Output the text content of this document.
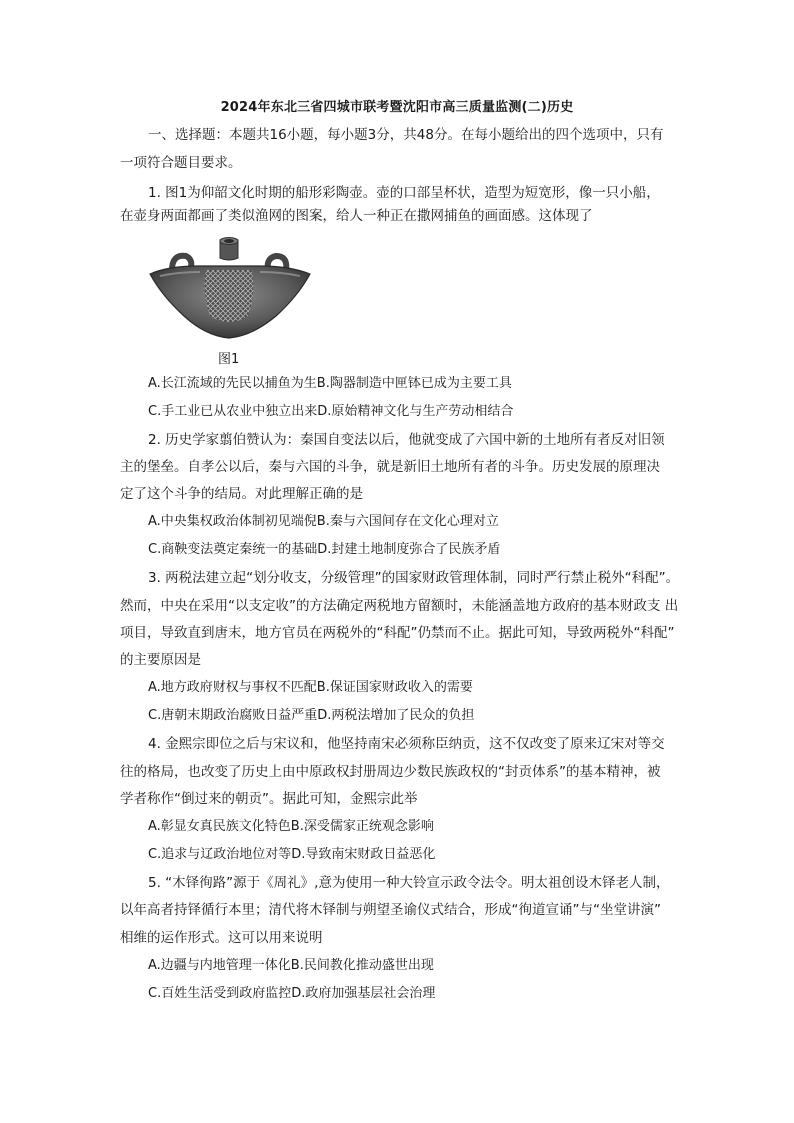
2024年东北三省四城市联考暨沈阳市高三质量监测(二)历史
一、选择题：本题共16小题，每小题3分，共48分。在每小题给出的四个选项中，只有
一项符合题目要求。
1. 图1为仰韶文化时期的船形彩陶壶。壶的口部呈杯状，造型为短宽形，像一只小船，
在壶身两面都画了类似渔网的图案，给人一种正在撒网捕鱼的画面感。这体现了
图1
A.长江流域的先民以捕鱼为生B.陶器制造中匣钵已成为主要工具
C.手工业已从农业中独立出来D.原始精神文化与生产劳动相结合
2. 历史学家翦伯赞认为：秦国自变法以后，他就变成了六国中新的土地所有者反对旧领
主的堡垒。自孝公以后，秦与六国的斗争，就是新旧土地所有者的斗争。历史发展的原理决
定了这个斗争的结局。对此理解正确的是
A.中央集权政治体制初见端倪B.秦与六国间存在文化心理对立
C.商鞅变法奠定秦统一的基础D.封建土地制度弥合了民族矛盾
3. 两税法建立起“划分收支，分级管理”的国家财政管理体制，同时严行禁止税外“科配”。
然而，中央在采用“以支定收”的方法确定两税地方留额时，未能涵盖地方政府的基本财政支 出
项目，导致直到唐末，地方官员在两税外的“科配”仍禁而不止。据此可知，导致两税外“科配”
的主要原因是
A.地方政府财权与事权不匹配B.保证国家财政收入的需要
C.唐朝末期政治腐败日益严重D.两税法增加了民众的负担
4. 金熙宗即位之后与宋议和，他坚持南宋必须称臣纳贡，这不仅改变了原来辽宋对等交
往的格局，也改变了历史上由中原政权封册周边少数民族政权的“封贡体系”的基本精神，被
学者称作“倒过来的朝贡”。据此可知，金熙宗此举
A.彰显女真民族文化特色B.深受儒家正统观念影响
C.追求与辽政治地位对等D.导致南宋财政日益恶化
5. “木铎徇路”源于《周礼》,意为使用一种大铃宣示政令法令。明太祖创设木铎老人制，
以年高者持铎循行本里；清代将木铎制与朔望圣谕仪式结合，形成“徇道宣诵”与“坐堂讲演”
相维的运作形式。这可以用来说明
A.边疆与内地管理一体化B.民间教化推动盛世出现
C.百姓生活受到政府监控D.政府加强基层社会治理
